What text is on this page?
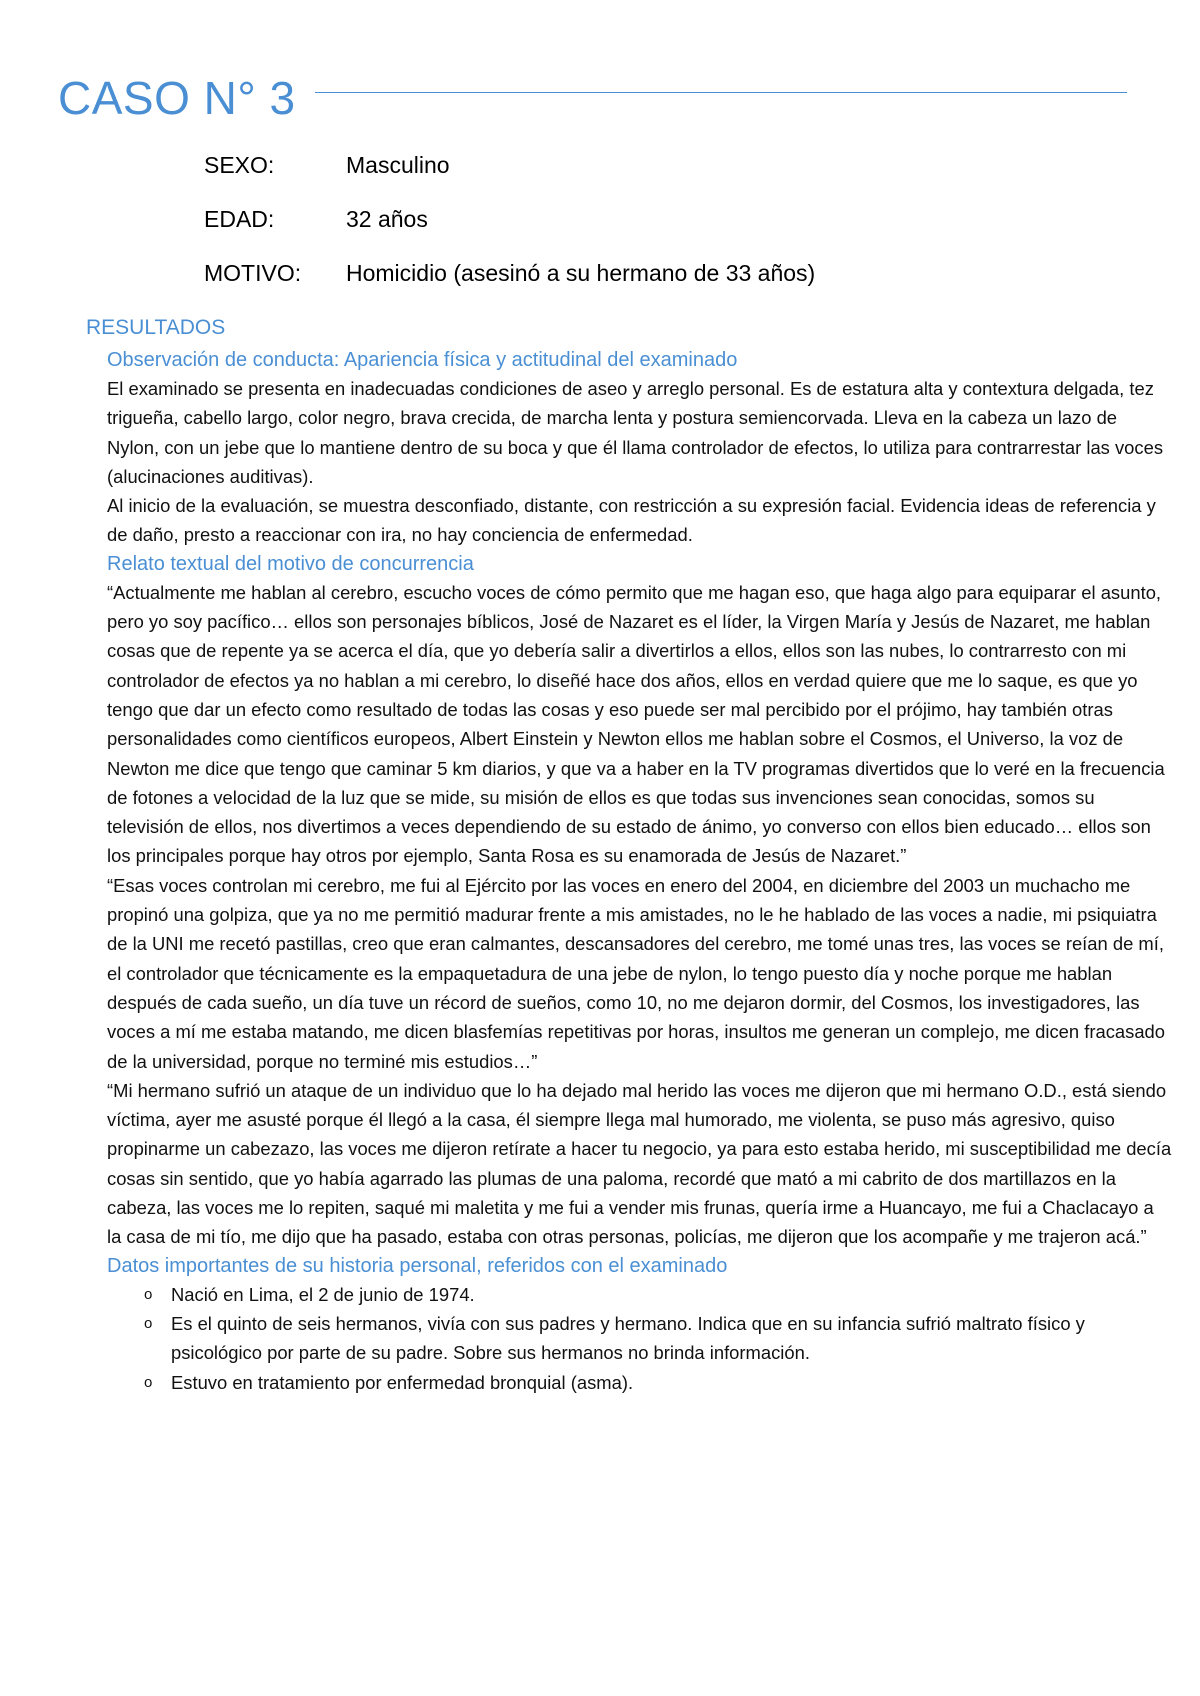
CASO N° 3
SEXO:	Masculino
EDAD:	32 años
MOTIVO: Homicidio (asesinó a su hermano de 33 años)
RESULTADOS
Observación de conducta: Apariencia física y actitudinal del examinado

El examinado se presenta en inadecuadas condiciones de aseo y arreglo personal. Es de estatura alta y contextura delgada, tez trigueña, cabello largo, color negro, brava crecida, de marcha lenta y postura semiencorvada. Lleva en la cabeza un lazo de Nylon, con un jebe que lo mantiene dentro de su boca y que él llama controlador de efectos, lo utiliza para contrarrestar las voces (alucinaciones auditivas).

Al inicio de la evaluación, se muestra desconfiado, distante, con restricción a su expresión facial. Evidencia ideas de referencia y de daño, presto a reaccionar con ira, no hay conciencia de enfermedad.

Relato textual del motivo de concurrencia

“Actualmente me hablan al cerebro, escucho voces de cómo permito que me hagan eso, que haga algo para equiparar el asunto, pero yo soy pacífico… ellos son personajes bíblicos, José de Nazaret es el líder, la Virgen María y Jesús de Nazaret, me hablan cosas que de repente ya se acerca el día, que yo debería salir a divertirlos a ellos, ellos son las nubes, lo contrarresto con mi controlador de efectos ya no hablan a mi cerebro, lo diseñé hace dos años, ellos en verdad quiere que me lo saque, es que yo tengo que dar un efecto como resultado de todas las cosas y eso puede ser mal percibido por el prójimo, hay también otras personalidades como científicos europeos, Albert Einstein y Newton ellos me hablan sobre el Cosmos, el Universo, la voz de Newton me dice que tengo que caminar 5 km diarios, y que va a haber en la TV programas divertidos que lo veré en la frecuencia de fotones a velocidad de la luz que se mide, su misión de ellos es que todas sus invenciones sean conocidas, somos su televisión de ellos, nos divertimos a veces dependiendo de su estado de ánimo, yo converso con ellos bien educado… ellos son los principales porque hay otros por ejemplo, Santa Rosa es su enamorada de Jesús de Nazaret.”

“Esas voces controlan mi cerebro, me fui al Ejército por las voces en enero del 2004, en diciembre del 2003 un muchacho me propinó una golpiza, que ya no me permitió madurar frente a mis amistades, no le he hablado de las voces a nadie, mi psiquiatra de la UNI me recetó pastillas, creo que eran calmantes, descansadores del cerebro, me tomé unas tres, las voces se reían de mí, el controlador que técnicamente es la empaquetadura de una jebe de nylon, lo tengo puesto día y noche porque me hablan después de cada sueño, un día tuve un récord de sueños, como 10, no me dejaron dormir, del Cosmos, los investigadores, las voces a mí me estaba matando, me dicen blasfemías repetitivas por horas, insultos me generan un complejo, me dicen fracasado de la universidad, porque no terminé mis estudios…”

“Mi hermano sufrió un ataque de un individuo que lo ha dejado mal herido las voces me dijeron que mi hermano O.D., está siendo víctima, ayer me asusté porque él llegó a la casa, él siempre llega mal humorado, me violenta, se puso más agresivo, quiso propinarme un cabezazo, las voces me dijeron retírate a hacer tu negocio, ya para esto estaba herido, mi susceptibilidad me decía cosas sin sentido, que yo había agarrado las plumas de una paloma, recordé que mató a mi cabrito de dos martillazos en la cabeza, las voces me lo repiten, saqué mi maletita y me fui a vender mis frunas, quería irme a Huancayo, me fui a Chaclacayo a la casa de mi tío, me dijo que ha pasado, estaba con otras personas, policías, me dijeron que los acompañe y me trajeron acá.”

Datos importantes de su historia personal, referidos con el examinado
o Nació en Lima, el 2 de junio de 1974.
o Es el quinto de seis hermanos, vivía con sus padres y hermano. Indica que en su infancia sufrió maltrato físico y psicológico por parte de su padre. Sobre sus hermanos no brinda información.
o Estuvo en tratamiento por enfermedad bronquial (asma).
